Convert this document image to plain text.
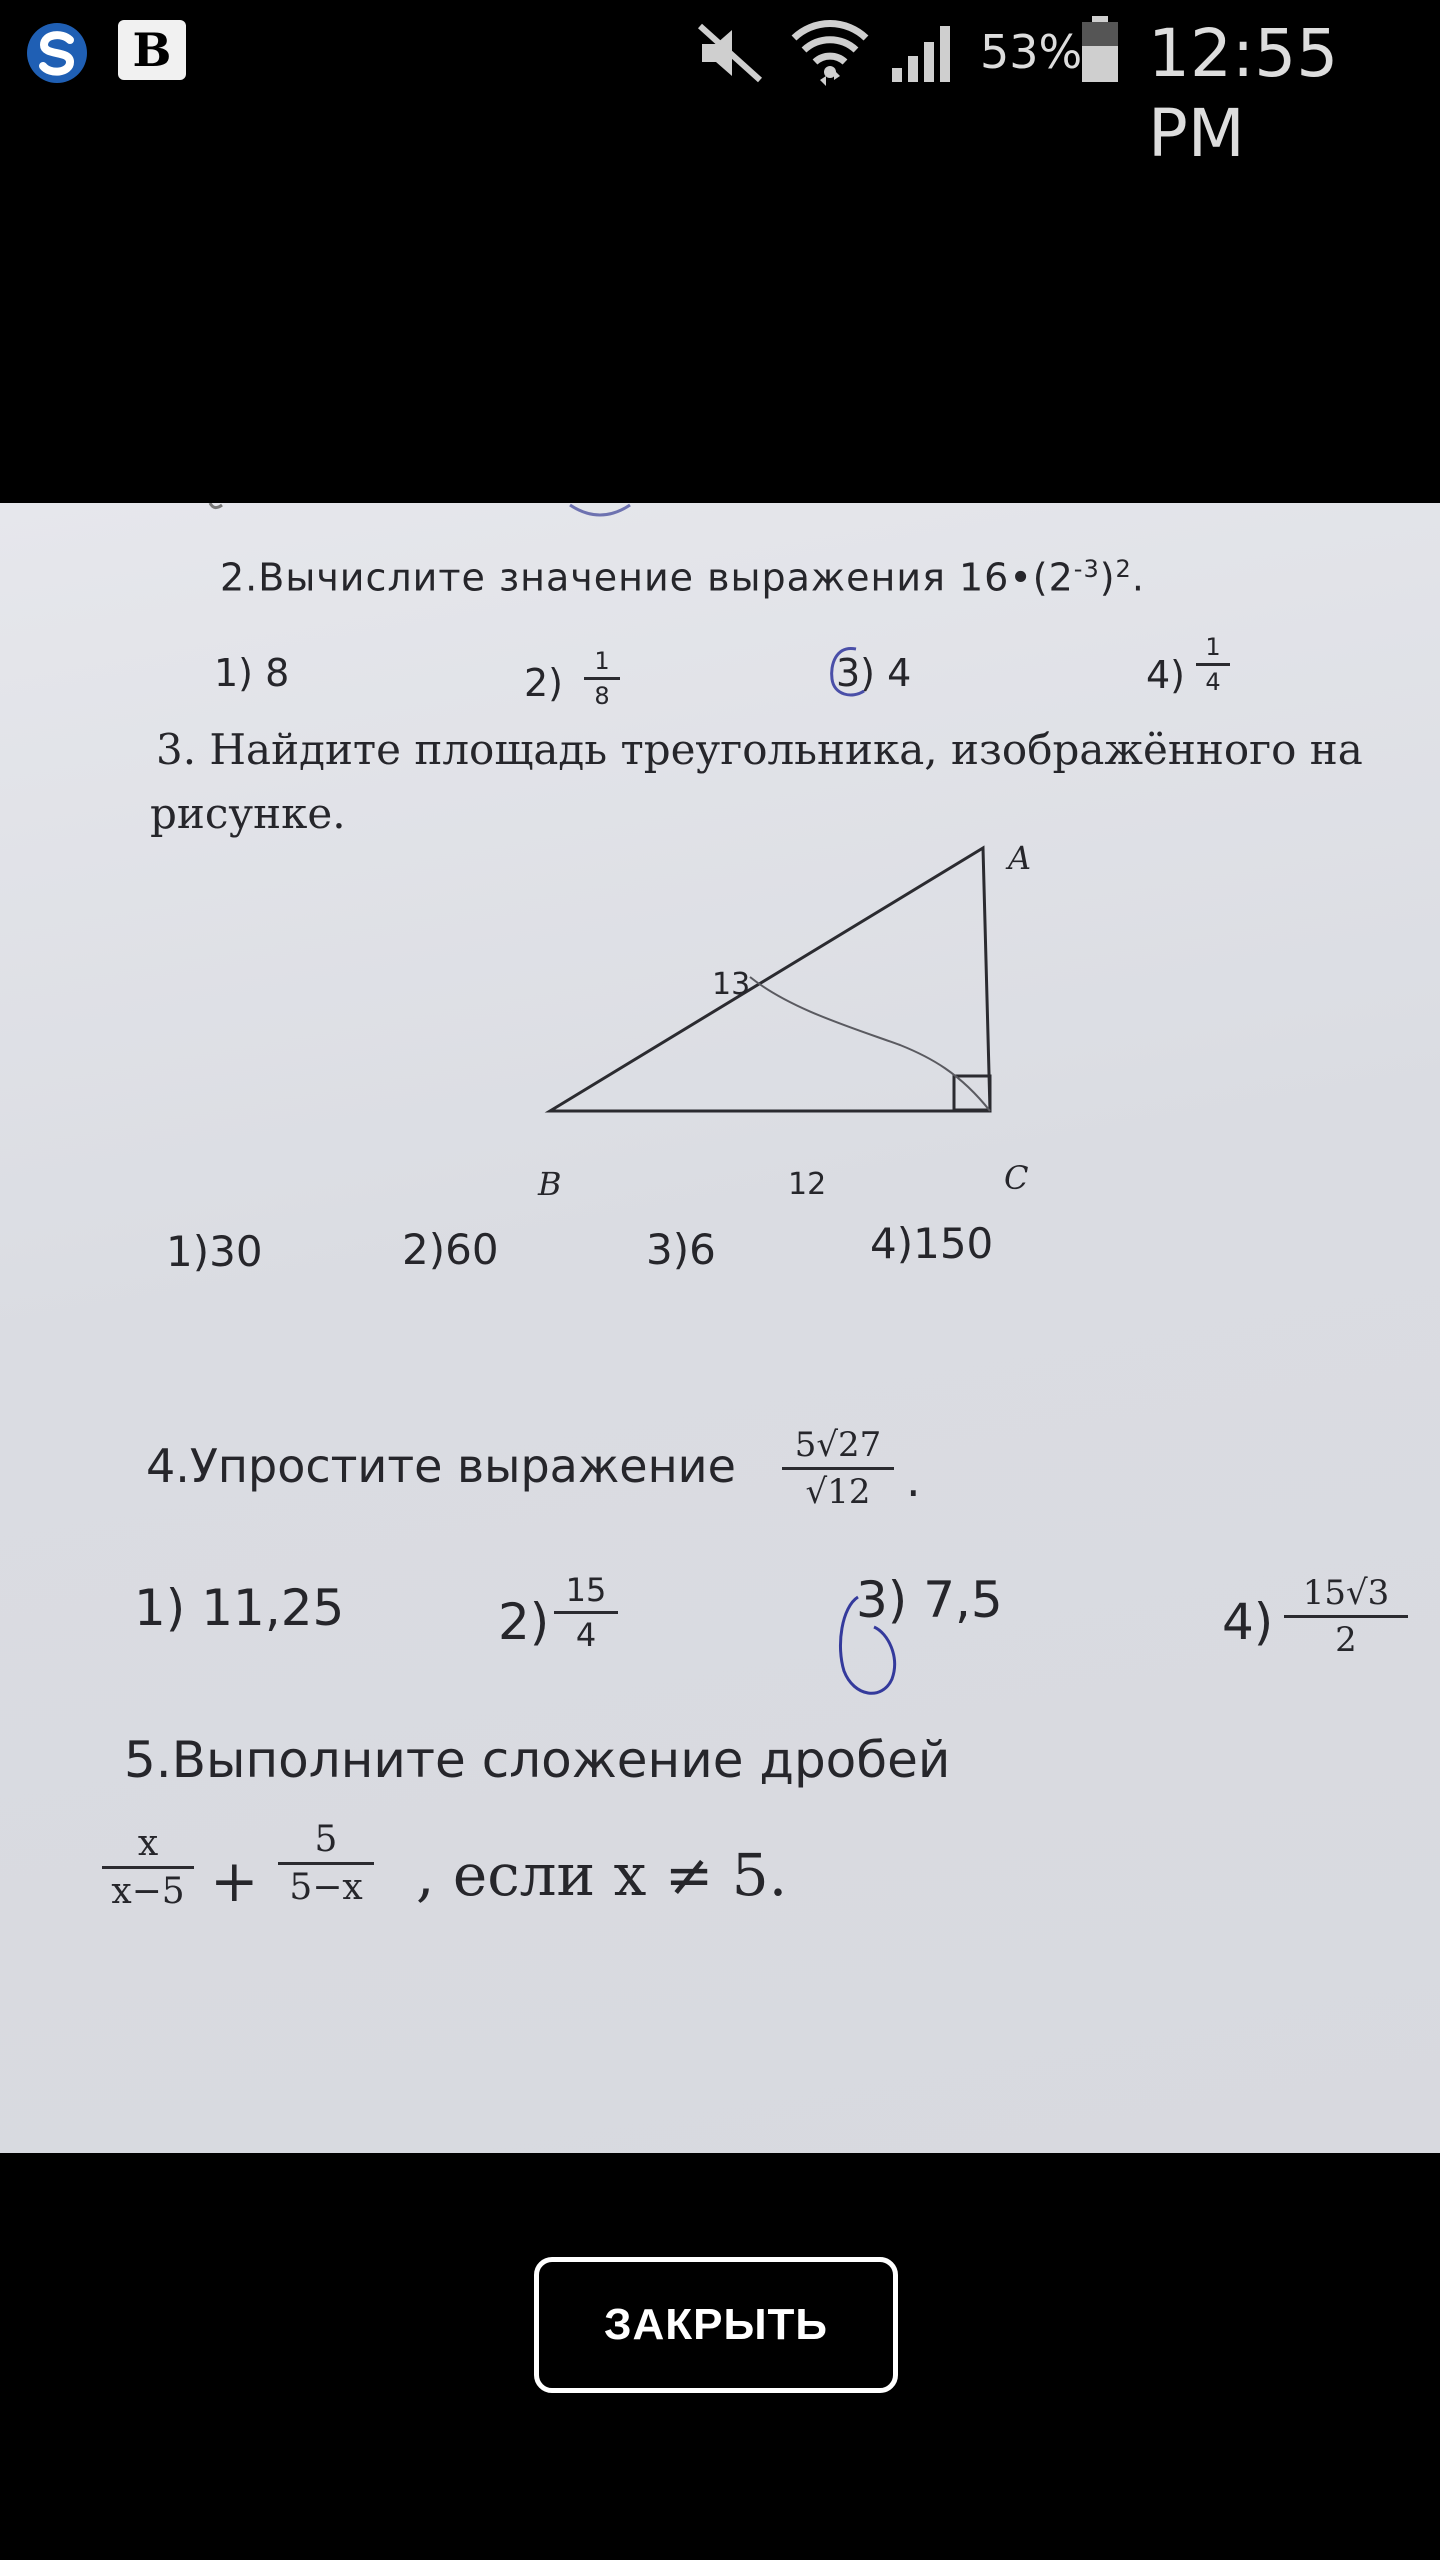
B	53% 12:55 PM
2.Вычислите значение выражения $16•(2^{-3})^2$.
1) 8	$2) \frac{1}{8}$	3) 4	$4) \frac{1}{4}$
3. Найдите площадь треугольника, изображённого на
рисунке.
A
B	C
13
12
1)30	2)60	3)6	4)150
4.Упростите выражение $\frac{5√27}{√12}$ .
1) 11,25	$2) \frac{15}{4}$	3) 7,5	$4) \frac{15√3}{2}$
5.Выполните сложение дробей
$\frac{x}{x-5} + \frac{5}{5-x}$ , если x ≠ 5.
ЗАКРЫТЬ
